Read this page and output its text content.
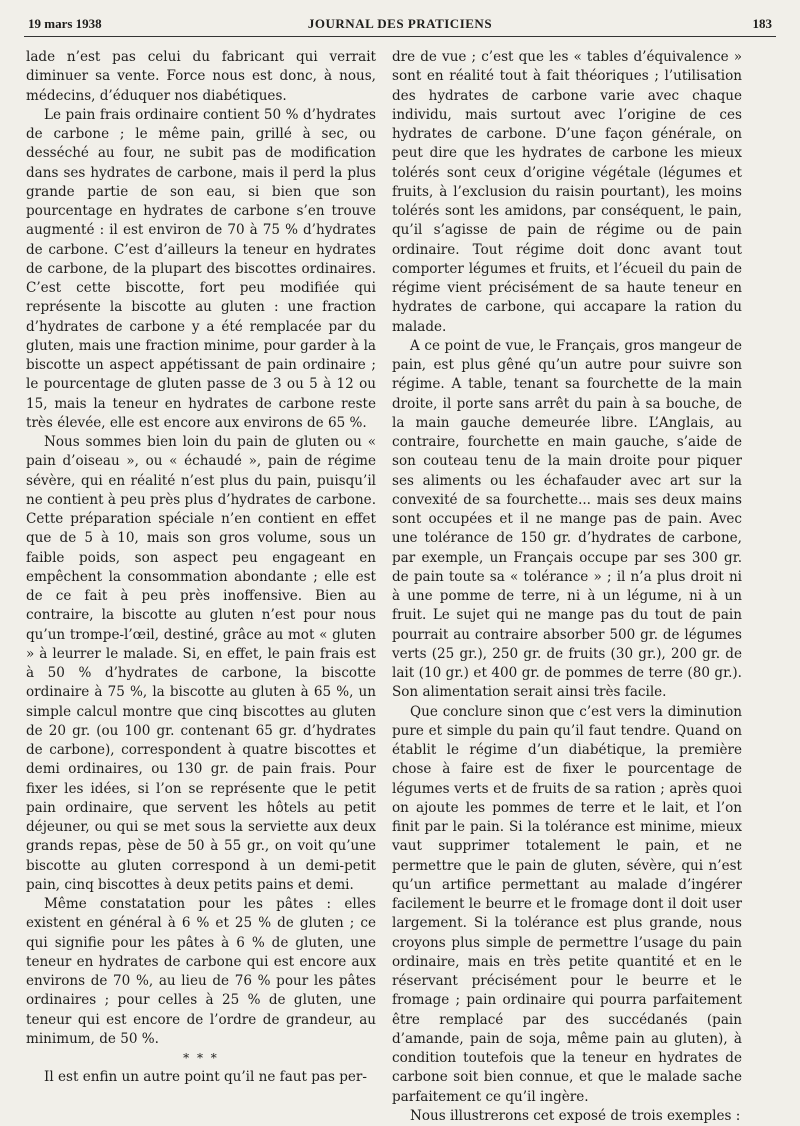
19 mars 1938	JOURNAL DES PRATICIENS	183

lade n’est pas celui du fabricant qui verrait diminuer sa vente. Force nous est donc, à nous, médecins, d’éduquer nos diabétiques.

Le pain frais ordinaire contient 50 % d’hydrates de carbone ; le même pain, grillé à sec, ou desséché au four, ne subit pas de modification dans ses hydrates de carbone, mais il perd la plus grande partie de son eau, si bien que son pourcentage en hydrates de carbone s’en trouve augmenté : il est environ de 70 à 75 % d’hydrates de carbone. C’est d’ailleurs la teneur en hydrates de carbone, de la plupart des biscottes ordinaires. C’est cette biscotte, fort peu modifiée qui représente la biscotte au gluten : une fraction d’hydrates de carbone y a été remplacée par du gluten, mais une fraction minime, pour garder à la biscotte un aspect appétissant de pain ordinaire ; le pourcentage de gluten passe de 3 ou 5 à 12 ou 15, mais la teneur en hydrates de carbone reste très élevée, elle est encore aux environs de 65 %.

Nous sommes bien loin du pain de gluten ou « pain d’oiseau », ou « échaudé », pain de régime sévère, qui en réalité n’est plus du pain, puisqu’il ne contient à peu près plus d’hydrates de carbone. Cette préparation spéciale n’en contient en effet que de 5 à 10, mais son gros volume, sous un faible poids, son aspect peu engageant en empêchent la consommation abondante ; elle est de ce fait à peu près inoffensive. Bien au contraire, la biscotte au gluten n’est pour nous qu’un trompe-l’œil, destiné, grâce au mot « gluten » à leurrer le malade. Si, en effet, le pain frais est à 50 % d’hydrates de carbone, la biscotte ordinaire à 75 %, la biscotte au gluten à 65 %, un simple calcul montre que cinq biscottes au gluten de 20 gr. (ou 100 gr. contenant 65 gr. d’hydrates de carbone), correspondent à quatre biscottes et demi ordinaires, ou 130 gr. de pain frais. Pour fixer les idées, si l’on se représente que le petit pain ordinaire, que servent les hôtels au petit déjeuner, ou qui se met sous la serviette aux deux grands repas, pèse de 50 à 55 gr., on voit qu’une biscotte au gluten correspond à un demi-petit pain, cinq biscottes à deux petits pains et demi.

Même constatation pour les pâtes : elles existent en général à 6 % et 25 % de gluten ; ce qui signifie pour les pâtes à 6 % de gluten, une teneur en hydrates de carbone qui est encore aux environs de 70 %, au lieu de 76 % pour les pâtes ordinaires ; pour celles à 25 % de gluten, une teneur qui est encore de l’ordre de grandeur, au minimum, de 50 %.

* * *

Il est enfin un autre point qu’il ne faut pas per-

dre de vue ; c’est que les « tables d’équivalence » sont en réalité tout à fait théoriques ; l’utilisation des hydrates de carbone varie avec chaque individu, mais surtout avec l’origine de ces hydrates de carbone. D’une façon générale, on peut dire que les hydrates de carbone les mieux tolérés sont ceux d’origine végétale (légumes et fruits, à l’exclusion du raisin pourtant), les moins tolérés sont les amidons, par conséquent, le pain, qu’il s’agisse de pain de régime ou de pain ordinaire. Tout régime doit donc avant tout comporter légumes et fruits, et l’écueil du pain de régime vient précisément de sa haute teneur en hydrates de carbone, qui accapare la ration du malade.

A ce point de vue, le Français, gros mangeur de pain, est plus gêné qu’un autre pour suivre son régime. A table, tenant sa fourchette de la main droite, il porte sans arrêt du pain à sa bouche, de la main gauche demeurée libre. L’Anglais, au contraire, fourchette en main gauche, s’aide de son couteau tenu de la main droite pour piquer ses aliments ou les échafauder avec art sur la convexité de sa fourchette... mais ses deux mains sont occupées et il ne mange pas de pain. Avec une tolérance de 150 gr. d’hydrates de carbone, par exemple, un Français occupe par ses 300 gr. de pain toute sa « tolérance » ; il n’a plus droit ni à une pomme de terre, ni à un légume, ni à un fruit. Le sujet qui ne mange pas du tout de pain pourrait au contraire absorber 500 gr. de légumes verts (25 gr.), 250 gr. de fruits (30 gr.), 200 gr. de lait (10 gr.) et 400 gr. de pommes de terre (80 gr.). Son alimentation serait ainsi très facile.

Que conclure sinon que c’est vers la diminution pure et simple du pain qu’il faut tendre. Quand on établit le régime d’un diabétique, la première chose à faire est de fixer le pourcentage de légumes verts et de fruits de sa ration ; après quoi on ajoute les pommes de terre et le lait, et l’on finit par le pain. Si la tolérance est minime, mieux vaut supprimer totalement le pain, et ne permettre que le pain de gluten, sévère, qui n’est qu’un artifice permettant au malade d’ingérer facilement le beurre et le fromage dont il doit user largement. Si la tolérance est plus grande, nous croyons plus simple de permettre l’usage du pain ordinaire, mais en très petite quantité et en le réservant précisément pour le beurre et le fromage ; pain ordinaire qui pourra parfaitement être remplacé par des succédanés (pain d’amande, pain de soja, même pain au gluten), à condition toutefois que la teneur en hydrates de carbone soit bien connue, et que le malade sache parfaitement ce qu’il ingère.

Nous illustrerons cet exposé de trois exemples :
